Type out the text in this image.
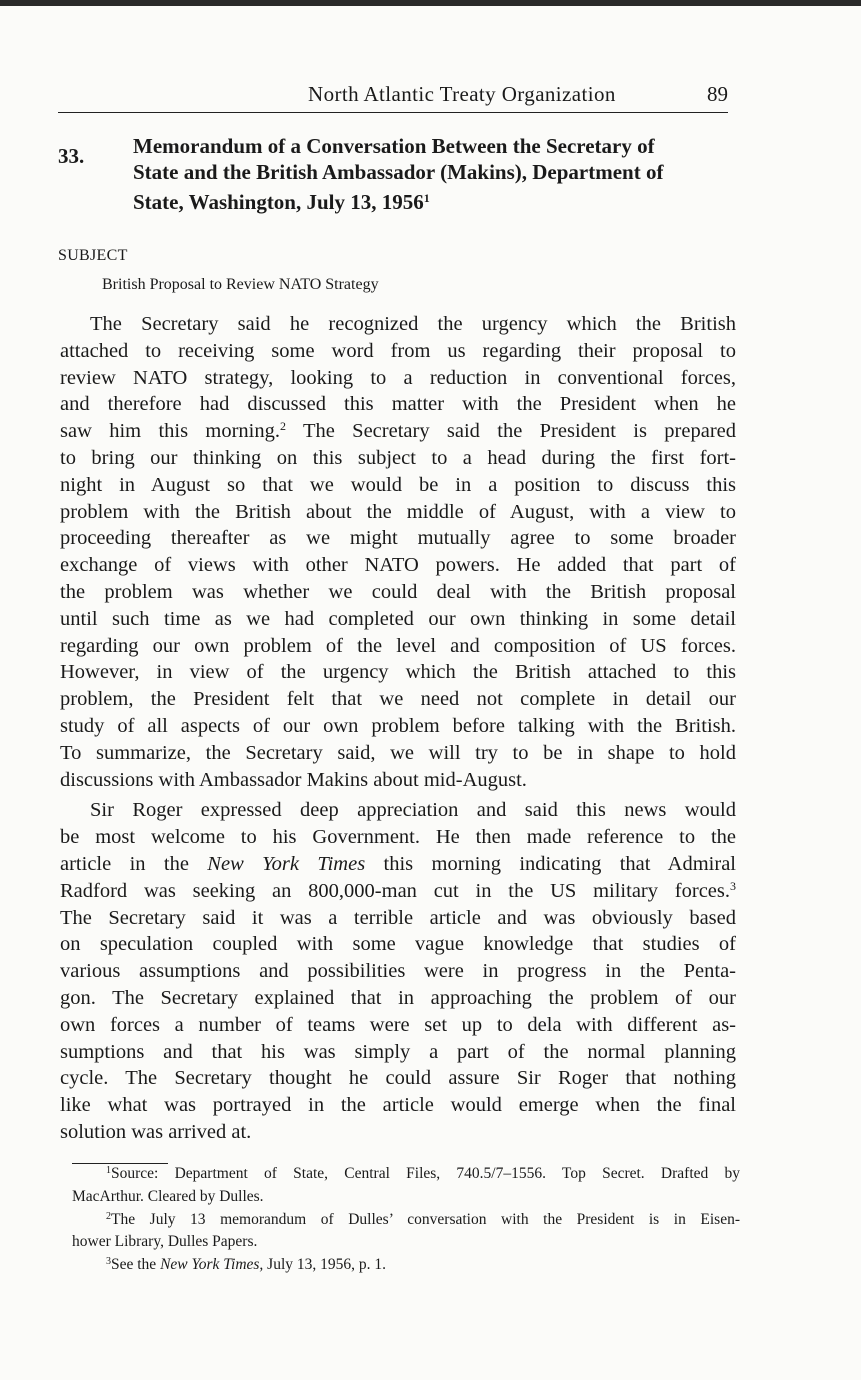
North Atlantic Treaty Organization	89
33. Memorandum of a Conversation Between the Secretary of
State and the British Ambassador (Makins), Department of
State, Washington, July 13, 1956$^1$
SUBJECT
British Proposal to Review NATO Strategy
The Secretary said he recognized the urgency which the British
attached to receiving some word from us regarding their proposal to
review NATO strategy, looking to a reduction in conventional forces,
and therefore had discussed this matter with the President when he
saw him this morning.$^2$ The Secretary said the President is prepared
to bring our thinking on this subject to a head during the first fort-
night in August so that we would be in a position to discuss this
problem with the British about the middle of August, with a view to
proceeding thereafter as we might mutually agree to some broader
exchange of views with other NATO powers. He added that part of
the problem was whether we could deal with the British proposal
until such time as we had completed our own thinking in some detail
regarding our own problem of the level and composition of US forces.
However, in view of the urgency which the British attached to this
problem, the President felt that we need not complete in detail our
study of all aspects of our own problem before talking with the British.
To summarize, the Secretary said, we will try to be in shape to hold
discussions with Ambassador Makins about mid-August.
Sir Roger expressed deep appreciation and said this news would
be most welcome to his Government. He then made reference to the
article in the New York Times this morning indicating that Admiral
Radford was seeking an 800,000-man cut in the US military forces.$^3$
The Secretary said it was a terrible article and was obviously based
on speculation coupled with some vague knowledge that studies of
various assumptions and possibilities were in progress in the Penta-
gon. The Secretary explained that in approaching the problem of our
own forces a number of teams were set up to dela with different as-
sumptions and that his was simply a part of the normal planning
cycle. The Secretary thought he could assure Sir Roger that nothing
like what was portrayed in the article would emerge when the final
solution was arrived at.
$^1$Source: Department of State, Central Files, 740.5/7–1556. Top Secret. Drafted by
MacArthur. Cleared by Dulles.
$^2$The July 13 memorandum of Dulles’ conversation with the President is in Eisen-
hower Library, Dulles Papers.
$^3$See the New York Times, July 13, 1956, p. 1.
